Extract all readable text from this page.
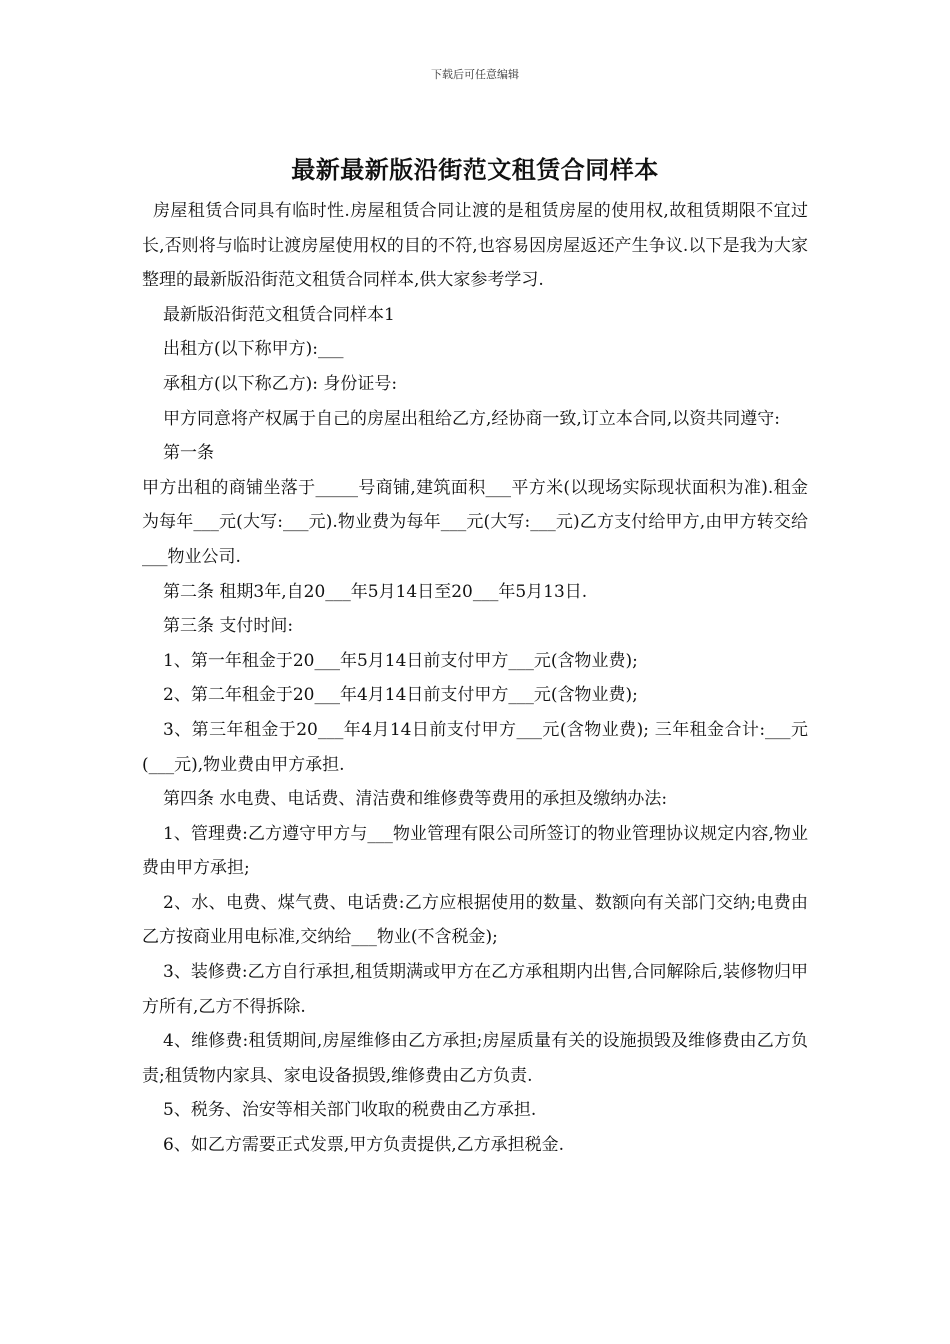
下载后可任意编辑
最新最新版沿街范文租赁合同样本

房屋租赁合同具有临时性.房屋租赁合同让渡的是租赁房屋的使用权,故租赁期限不宜过长,否则将与临时让渡房屋使用权的目的不符,也容易因房屋返还产生争议.以下是我为大家整理的最新版沿街范文租赁合同样本,供大家参考学习.

最新版沿街范文租赁合同样本1

出租方(以下称甲方):___

承租方(以下称乙方): 身份证号:

甲方同意将产权属于自己的房屋出租给乙方,经协商一致,订立本合同,以资共同遵守:

第一条

甲方出租的商铺坐落于_____号商铺,建筑面积___平方米(以现场实际现状面积为准).租金为每年___元(大写:___元).物业费为每年___元(大写:___元)乙方支付给甲方,由甲方转交给___物业公司.

第二条 租期3年,自20___年5月14日至20___年5月13日.

第三条 支付时间:

1、第一年租金于20___年5月14日前支付甲方___元(含物业费);

2、第二年租金于20___年4月14日前支付甲方___元(含物业费);

3、第三年租金于20___年4月14日前支付甲方___元(含物业费); 三年租金合计:___元(___元),物业费由甲方承担.

第四条 水电费、电话费、清洁费和维修费等费用的承担及缴纳办法:

1、管理费:乙方遵守甲方与___物业管理有限公司所签订的物业管理协议规定内容,物业费由甲方承担;

2、水、电费、煤气费、电话费:乙方应根据使用的数量、数额向有关部门交纳;电费由乙方按商业用电标准,交纳给___物业(不含税金);

3、装修费:乙方自行承担,租赁期满或甲方在乙方承租期内出售,合同解除后,装修物归甲方所有,乙方不得拆除.

4、维修费:租赁期间,房屋维修由乙方承担;房屋质量有关的设施损毁及维修费由乙方负责;租赁物内家具、家电设备损毁,维修费由乙方负责.

5、税务、治安等相关部门收取的税费由乙方承担.

6、如乙方需要正式发票,甲方负责提供,乙方承担税金.
